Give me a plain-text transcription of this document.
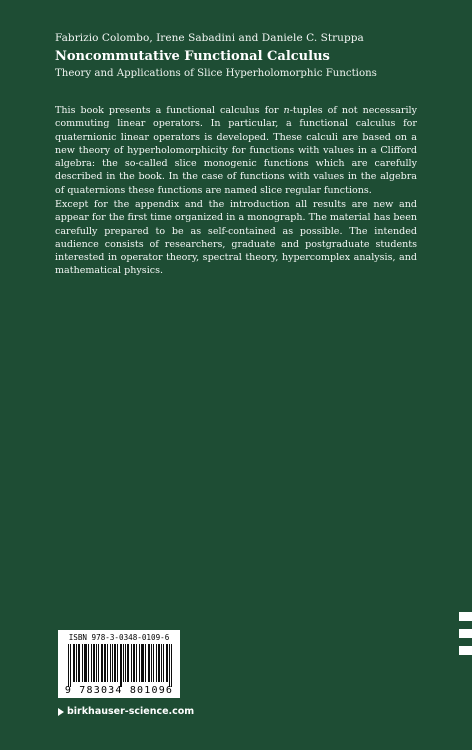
Fabrizio Colombo, Irene Sabadini and Daniele C. Struppa
Noncommutative Functional Calculus
Theory and Applications of Slice Hyperholomorphic Functions
This book presents a functional calculus for n-tuples of not necessarily commuting linear operators. In particular, a functional calculus for quaternionic linear operators is developed. These calculi are based on a new theory of hyperholomorphicity for functions with values in a Clifford algebra: the so-called slice monogenic functions which are carefully described in the book. In the case of functions with values in the algebra of quaternions these functions are named slice regular functions.
Except for the appendix and the introduction all results are new and appear for the first time organized in a monograph. The material has been carefully prepared to be as self-contained as possible. The intended audience consists of researchers, graduate and postgraduate students interested in operator theory, spectral theory, hypercomplex analysis, and mathematical physics.
ISBN 978-3-0348-0109-6
9 783034 801096
birkhauser-science.com
